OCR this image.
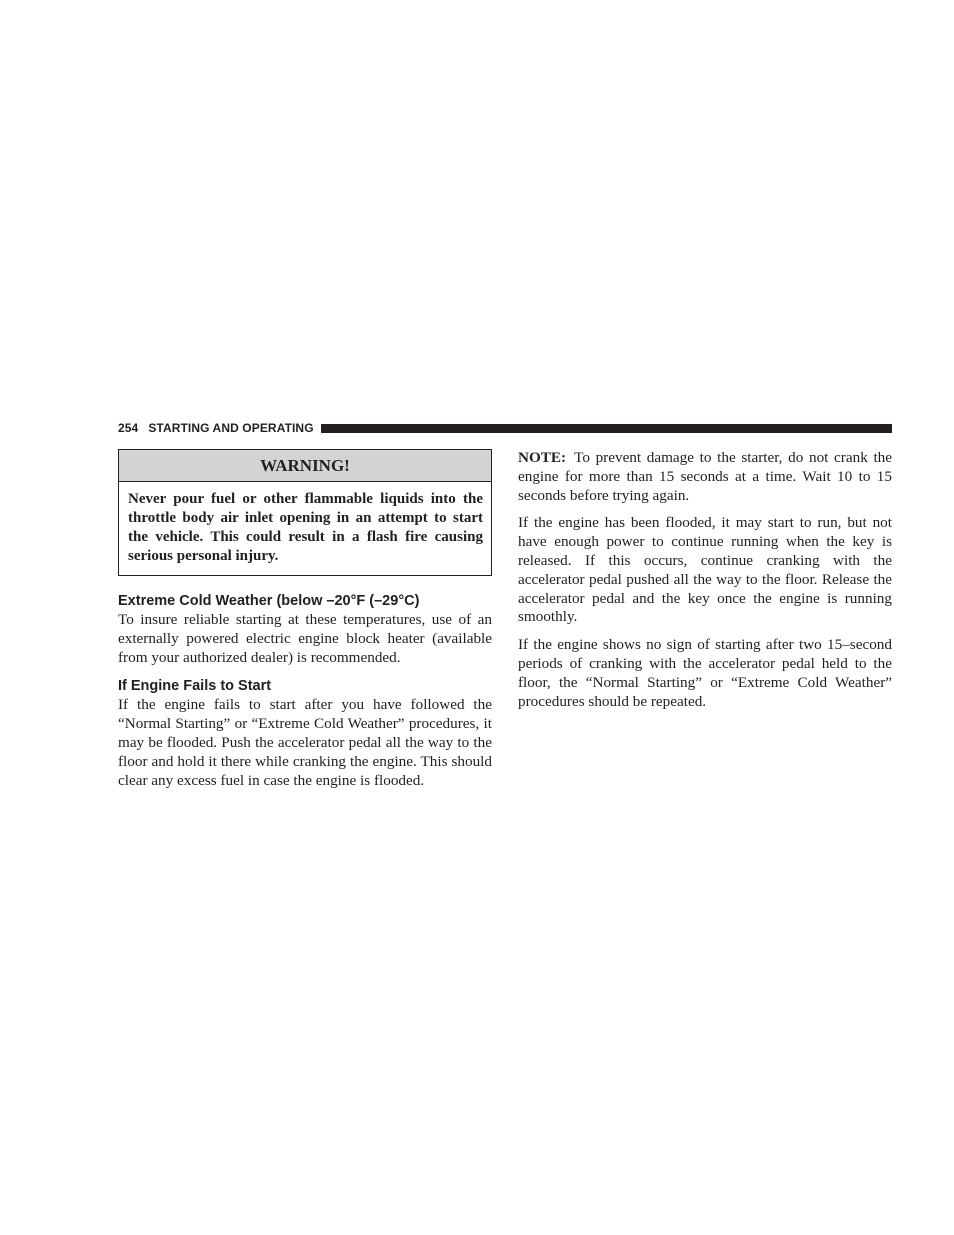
254 STARTING AND OPERATING
WARNING!
Never pour fuel or other flammable liquids into the throttle body air inlet opening in an attempt to start the vehicle. This could result in a flash fire causing serious personal injury.
Extreme Cold Weather (below –20°F (–29°C)

To insure reliable starting at these temperatures, use of an externally powered electric engine block heater (available from your authorized dealer) is recommended.

If Engine Fails to Start

If the engine fails to start after you have followed the “Normal Starting” or “Extreme Cold Weather” procedures, it may be flooded. Push the accelerator pedal all the way to the floor and hold it there while cranking the engine. This should clear any excess fuel in case the engine is flooded.

NOTE: To prevent damage to the starter, do not crank the engine for more than 15 seconds at a time. Wait 10 to 15 seconds before trying again.

If the engine has been flooded, it may start to run, but not have enough power to continue running when the key is released. If this occurs, continue cranking with the accelerator pedal pushed all the way to the floor. Release the accelerator pedal and the key once the engine is running smoothly.

If the engine shows no sign of starting after two 15–second periods of cranking with the accelerator pedal held to the floor, the “Normal Starting” or “Extreme Cold Weather” procedures should be repeated.
